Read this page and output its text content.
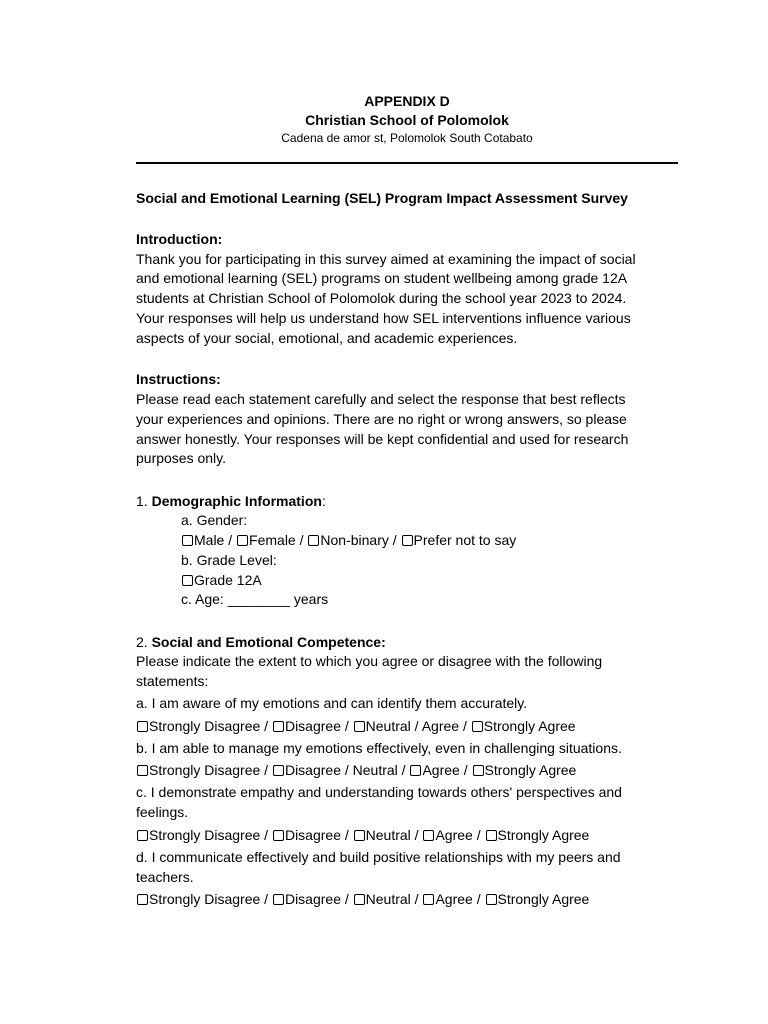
APPENDIX D
Christian School of Polomolok
Cadena de amor st, Polomolok South Cotabato
Social and Emotional Learning (SEL) Program Impact Assessment Survey
Introduction:
Thank you for participating in this survey aimed at examining the impact of social
and emotional learning (SEL) programs on student wellbeing among grade 12A
students at Christian School of Polomolok during the school year 2023 to 2024.
Your responses will help us understand how SEL interventions influence various
aspects of your social, emotional, and academic experiences.
Instructions:
Please read each statement carefully and select the response that best reflects
your experiences and opinions. There are no right or wrong answers, so please
answer honestly. Your responses will be kept confidential and used for research
purposes only.
1. Demographic Information:
a. Gender:
Male / Female / Non-binary / Prefer not to say
b. Grade Level:
Grade 12A
c. Age: ________ years
2. Social and Emotional Competence:
Please indicate the extent to which you agree or disagree with the following
statements:
a. I am aware of my emotions and can identify them accurately.
Strongly Disagree / Disagree / Neutral / Agree / Strongly Agree
b. I am able to manage my emotions effectively, even in challenging situations.
Strongly Disagree / Disagree / Neutral / Agree / Strongly Agree
c. I demonstrate empathy and understanding towards others' perspectives and
feelings.
Strongly Disagree / Disagree / Neutral / Agree / Strongly Agree
d. I communicate effectively and build positive relationships with my peers and
teachers.
Strongly Disagree / Disagree / Neutral / Agree / Strongly Agree
